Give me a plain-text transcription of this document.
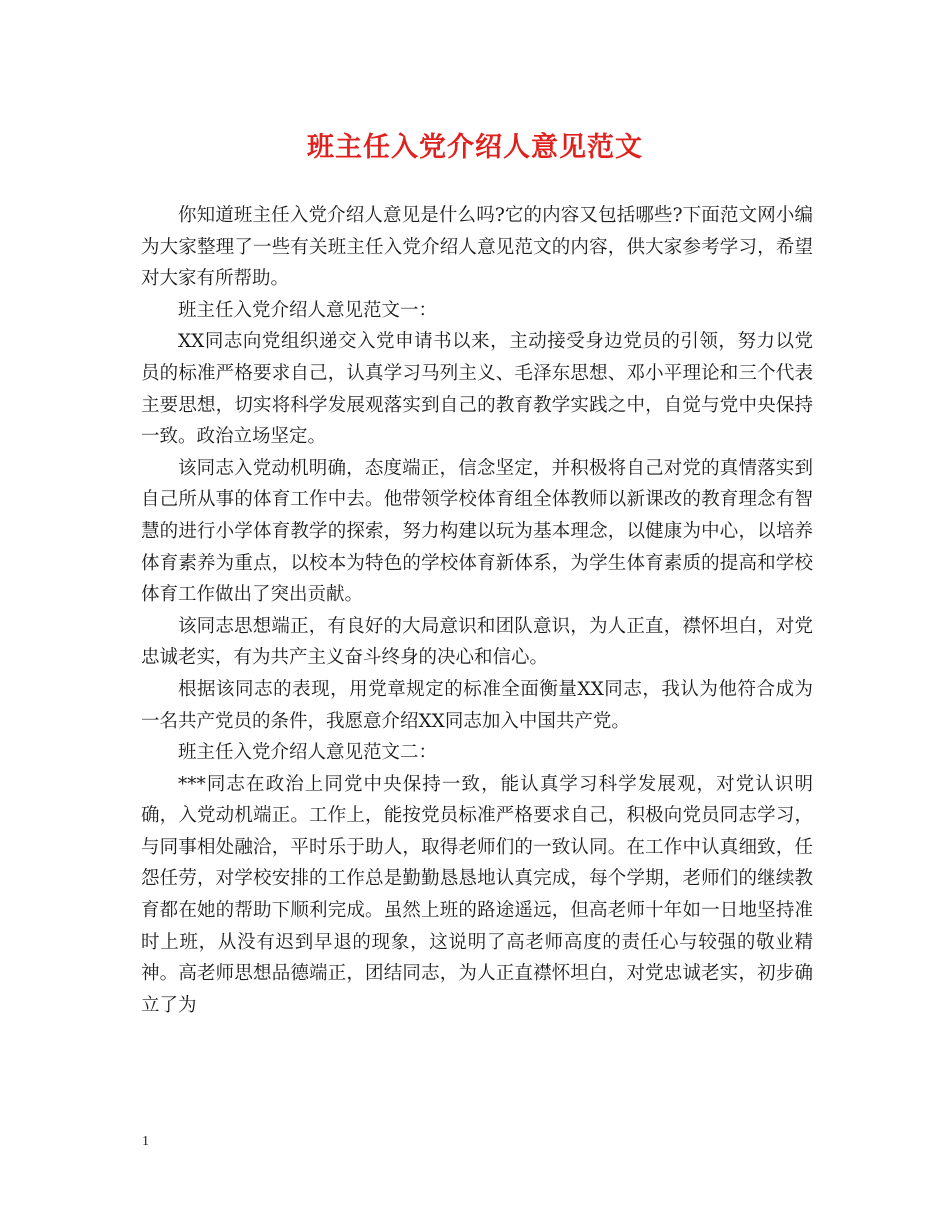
班主任入党介绍人意见范文

你知道班主任入党介绍人意见是什么吗?它的内容又包括哪些?下面范文网小编为大家整理了一些有关班主任入党介绍人意见范文的内容，供大家参考学习，希望对大家有所帮助。

班主任入党介绍人意见范文一：

XX同志向党组织递交入党申请书以来，主动接受身边党员的引领，努力以党员的标准严格要求自己，认真学习马列主义、毛泽东思想、邓小平理论和三个代表主要思想，切实将科学发展观落实到自己的教育教学实践之中，自觉与党中央保持一致。政治立场坚定。

该同志入党动机明确，态度端正，信念坚定，并积极将自己对党的真情落实到自己所从事的体育工作中去。他带领学校体育组全体教师以新课改的教育理念有智慧的进行小学体育教学的探索，努力构建以玩为基本理念，以健康为中心，以培养体育素养为重点，以校本为特色的学校体育新体系，为学生体育素质的提高和学校体育工作做出了突出贡献。

该同志思想端正，有良好的大局意识和团队意识，为人正直，襟怀坦白，对党忠诚老实，有为共产主义奋斗终身的决心和信心。

根据该同志的表现，用党章规定的标准全面衡量XX同志，我认为他符合成为一名共产党员的条件，我愿意介绍XX同志加入中国共产党。

班主任入党介绍人意见范文二：

***同志在政治上同党中央保持一致，能认真学习科学发展观，对党认识明确，入党动机端正。工作上，能按党员标准严格要求自己，积极向党员同志学习，与同事相处融洽，平时乐于助人，取得老师们的一致认同。在工作中认真细致，任怨任劳，对学校安排的工作总是勤勤恳恳地认真完成，每个学期，老师们的继续教育都在她的帮助下顺利完成。虽然上班的路途遥远，但高老师十年如一日地坚持准时上班，从没有迟到早退的现象，这说明了高老师高度的责任心与较强的敬业精神。高老师思想品德端正，团结同志，为人正直襟怀坦白，对党忠诚老实，初步确立了为

1
